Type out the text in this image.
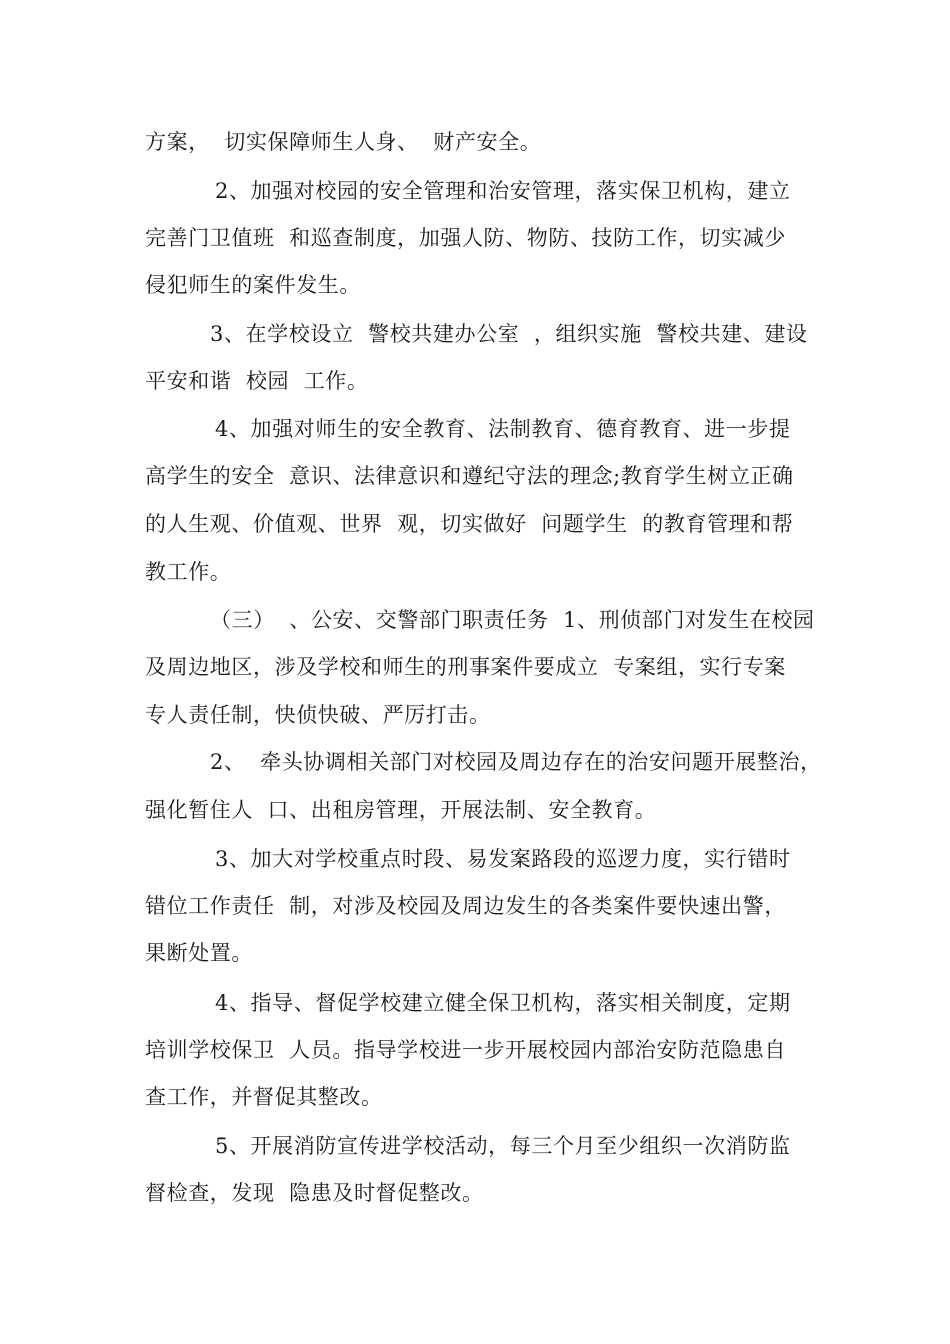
方案，  切实保障师生人身、  财产安全。
2、加强对校园的安全管理和治安管理，落实保卫机构，建立
完善门卫值班  和巡查制度，加强人防、物防、技防工作，切实减少
侵犯师生的案件发生。
3、在学校设立  警校共建办公室  ，组织实施  警校共建、建设
平安和谐  校园  工作。
4、加强对师生的安全教育、法制教育、德育教育、进一步提
高学生的安全  意识、法律意识和遵纪守法的理念;教育学生树立正确
的人生观、价值观、世界  观，切实做好  问题学生  的教育管理和帮
教工作。
（三）  、公安、交警部门职责任务  1、刑侦部门对发生在校园
及周边地区，涉及学校和师生的刑事案件要成立  专案组，实行专案
专人责任制，快侦快破、严厉打击。
2、  牵头协调相关部门对校园及周边存在的治安问题开展整治，
强化暂住人  口、出租房管理，开展法制、安全教育。
3、加大对学校重点时段、易发案路段的巡逻力度，实行错时
错位工作责任  制，对涉及校园及周边发生的各类案件要快速出警，
果断处置。
4、指导、督促学校建立健全保卫机构，落实相关制度，定期
培训学校保卫  人员。指导学校进一步开展校园内部治安防范隐患自
查工作，并督促其整改。
5、开展消防宣传进学校活动，每三个月至少组织一次消防监
督检查，发现  隐患及时督促整改。
